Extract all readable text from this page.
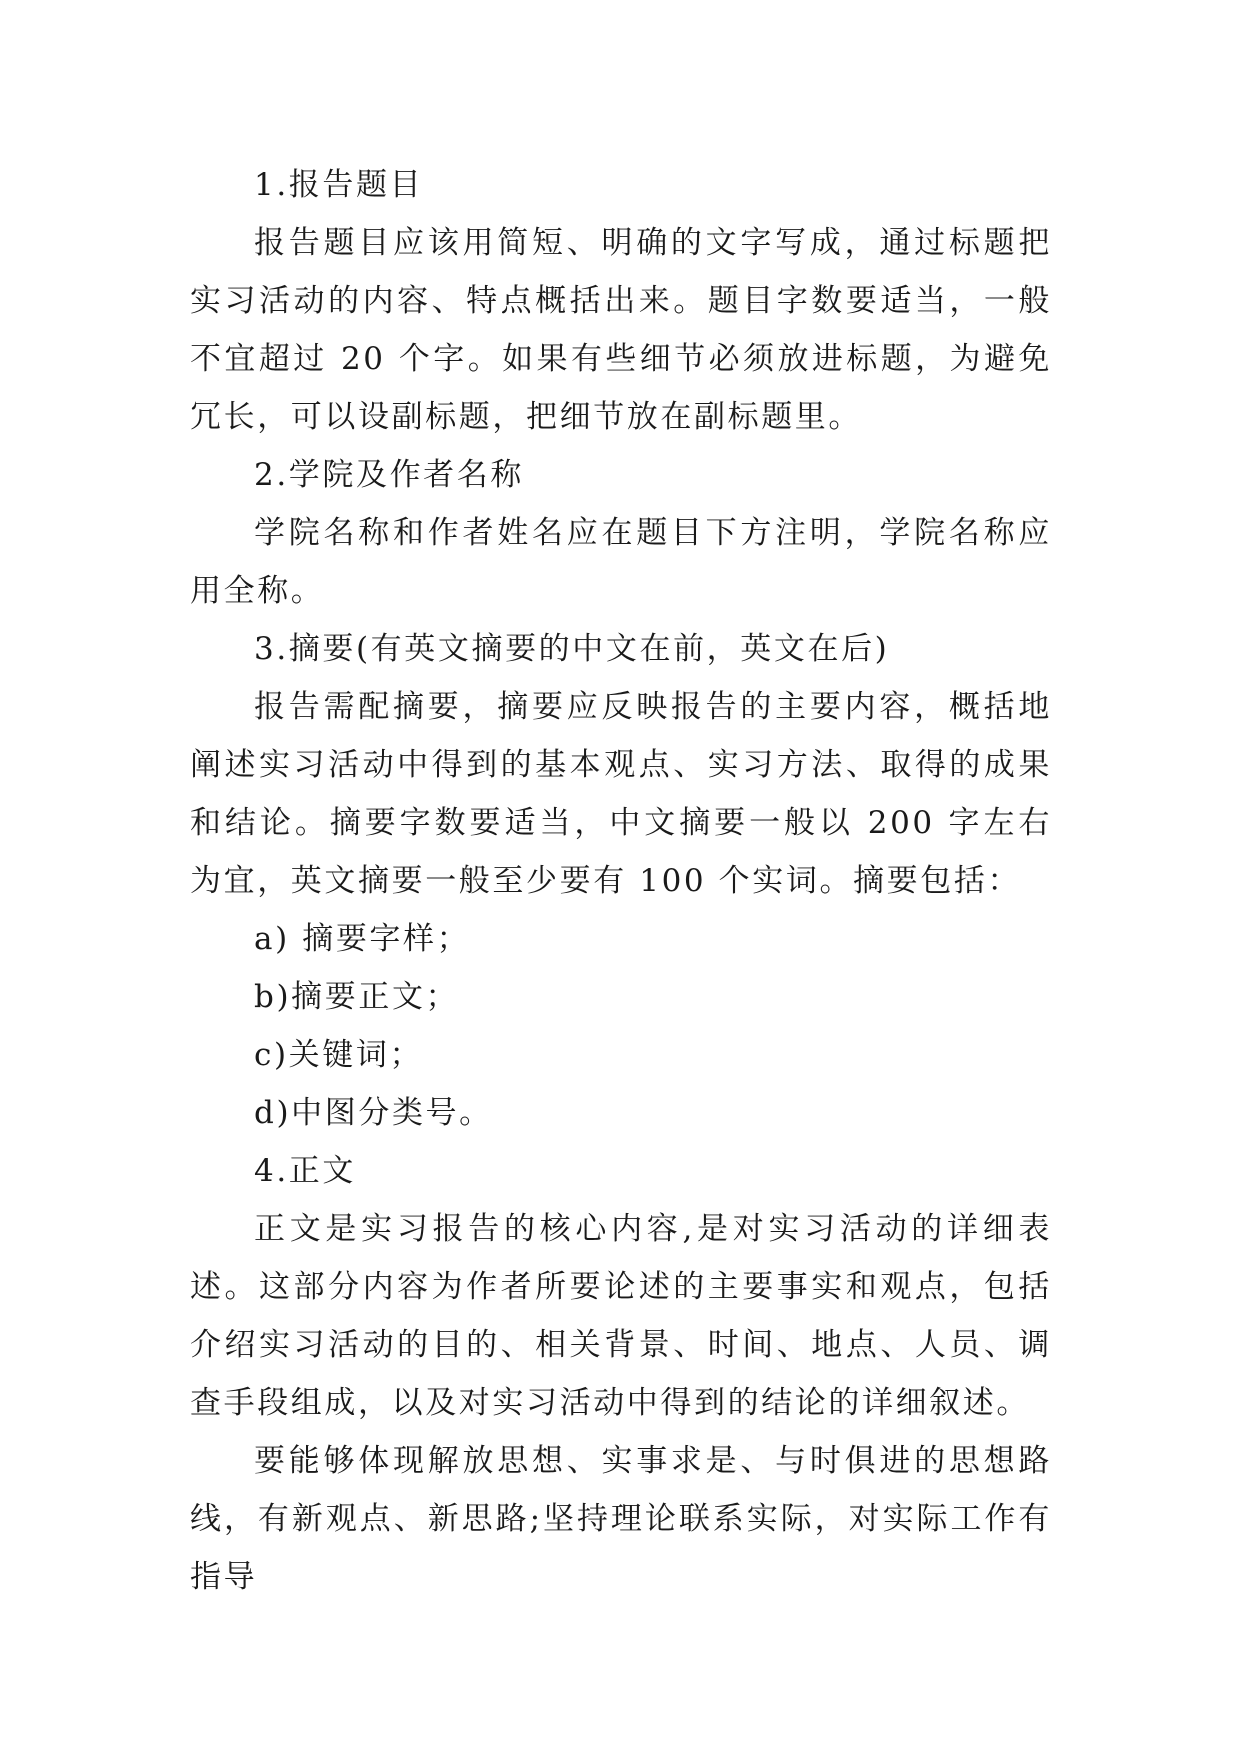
1.报告题目

报告题目应该用简短、明确的文字写成，通过标题把实习活动的内容、特点概括出来。题目字数要适当，一般不宜超过 20 个字。如果有些细节必须放进标题，为避免冗长，可以设副标题，把细节放在副标题里。

2.学院及作者名称

学院名称和作者姓名应在题目下方注明，学院名称应用全称。

3.摘要(有英文摘要的中文在前，英文在后)

报告需配摘要，摘要应反映报告的主要内容，概括地阐述实习活动中得到的基本观点、实习方法、取得的成果和结论。摘要字数要适当，中文摘要一般以 200 字左右为宜，英文摘要一般至少要有 100 个实词。摘要包括：

a) 摘要字样；

b)摘要正文；

c)关键词；

d)中图分类号。

4.正文

正文是实习报告的核心内容,是对实习活动的详细表述。这部分内容为作者所要论述的主要事实和观点，包括介绍实习活动的目的、相关背景、时间、地点、人员、调查手段组成，以及对实习活动中得到的结论的详细叙述。

要能够体现解放思想、实事求是、与时俱进的思想路线，有新观点、新思路;坚持理论联系实际，对实际工作有指导
